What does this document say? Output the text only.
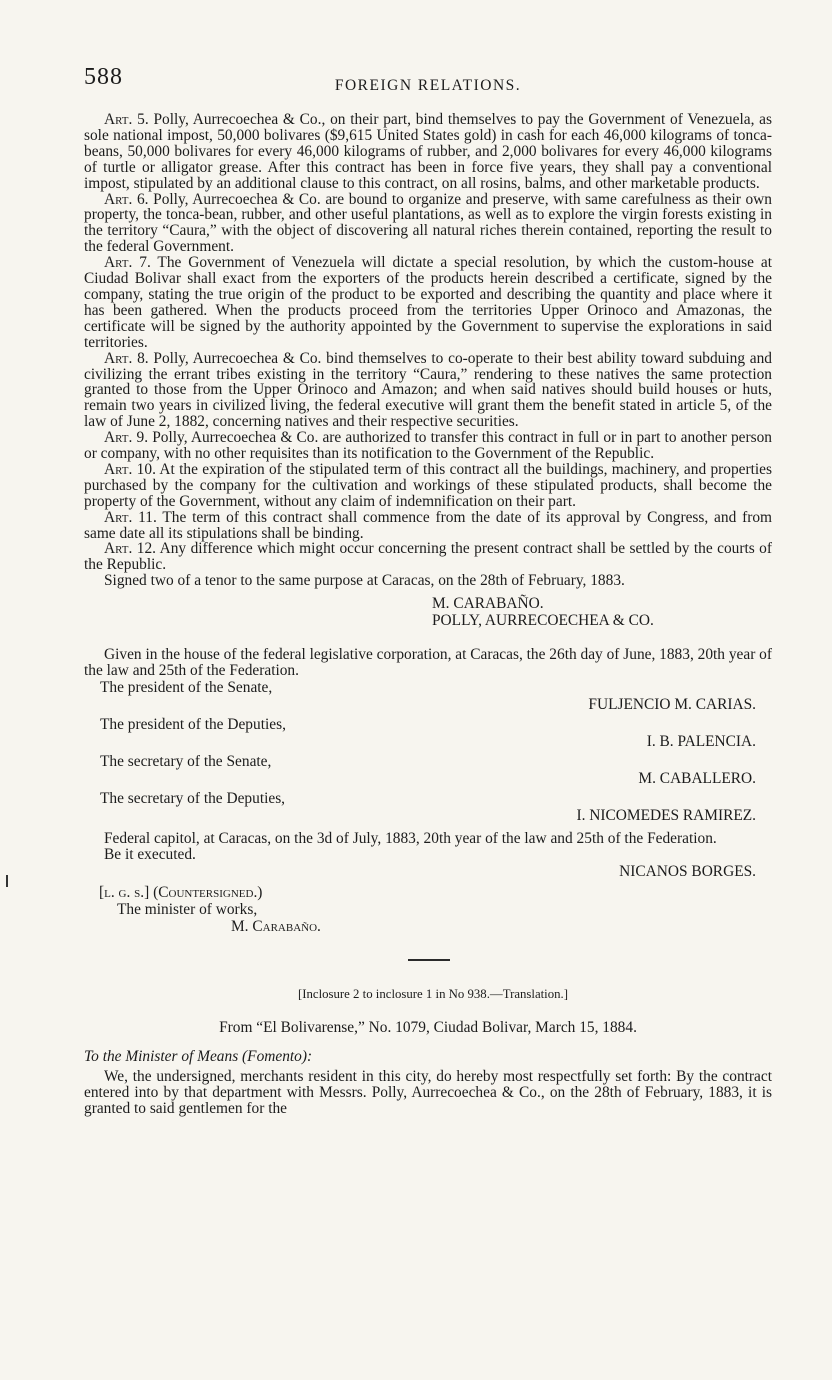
588	FOREIGN RELATIONS.

Art. 5. Polly, Aurrecoechea & Co., on their part, bind themselves to pay the Government of Venezuela, as sole national impost, 50,000 bolivares ($9,615 United States gold) in cash for each 46,000 kilograms of tonca-beans, 50,000 bolivares for every 46,000 kilograms of rubber, and 2,000 bolivares for every 46,000 kilograms of turtle or alligator grease. After this contract has been in force five years, they shall pay a conventional impost, stipulated by an additional clause to this contract, on all rosins, balms, and other marketable products.

Art. 6. Polly, Aurrecoechea & Co. are bound to organize and preserve, with same carefulness as their own property, the tonca-bean, rubber, and other useful plantations, as well as to explore the virgin forests existing in the territory “Caura,” with the object of discovering all natural riches therein contained, reporting the result to the federal Government.

Art. 7. The Government of Venezuela will dictate a special resolution, by which the custom-house at Ciudad Bolivar shall exact from the exporters of the products herein described a certificate, signed by the company, stating the true origin of the product to be exported and describing the quantity and place where it has been gathered. When the products proceed from the territories Upper Orinoco and Amazonas, the certificate will be signed by the authority appointed by the Government to supervise the explorations in said territories.

Art. 8. Polly, Aurrecoechea & Co. bind themselves to co-operate to their best ability toward subduing and civilizing the errant tribes existing in the territory “Caura,” rendering to these natives the same protection granted to those from the Upper Orinoco and Amazon; and when said natives should build houses or huts, remain two years in civilized living, the federal executive will grant them the benefit stated in article 5, of the law of June 2, 1882, concerning natives and their respective securities.

Art. 9. Polly, Aurrecoechea & Co. are authorized to transfer this contract in full or in part to another person or company, with no other requisites than its notification to the Government of the Republic.

Art. 10. At the expiration of the stipulated term of this contract all the buildings, machinery, and properties purchased by the company for the cultivation and workings of these stipulated products, shall become the property of the Government, without any claim of indemnification on their part.

Art. 11. The term of this contract shall commence from the date of its approval by Congress, and from same date all its stipulations shall be binding.

Art. 12. Any difference which might occur concerning the present contract shall be settled by the courts of the Republic.

Signed two of a tenor to the same purpose at Caracas, on the 28th of February, 1883.

M. CARABAÑO.
POLLY, AURRECOECHEA & CO.

Given in the house of the federal legislative corporation, at Caracas, the 26th day of June, 1883, 20th year of the law and 25th of the Federation.

The president of the Senate,
FULJENCIO M. CARIAS.
The president of the Deputies,
I. B. PALENCIA.
The secretary of the Senate,
M. CABALLERO.
The secretary of the Deputies,
I. NICOMEDES RAMIREZ.

Federal capitol, at Caracas, on the 3d of July, 1883, 20th year of the law and 25th of the Federation.

Be it executed.

NICANOS BORGES.
[l. g. s.] (Countersigned.)
The minister of works,
M. Carabaño.
[Inclosure 2 to inclosure 1 in No 938.—Translation.]
From “El Bolivarense,” No. 1079, Ciudad Bolivar, March 15, 1884.
To the Minister of Means (Fomento):

We, the undersigned, merchants resident in this city, do hereby most respectfully set forth: By the contract entered into by that department with Messrs. Polly, Aurrecoechea & Co., on the 28th of February, 1883, it is granted to said gentlemen for the
